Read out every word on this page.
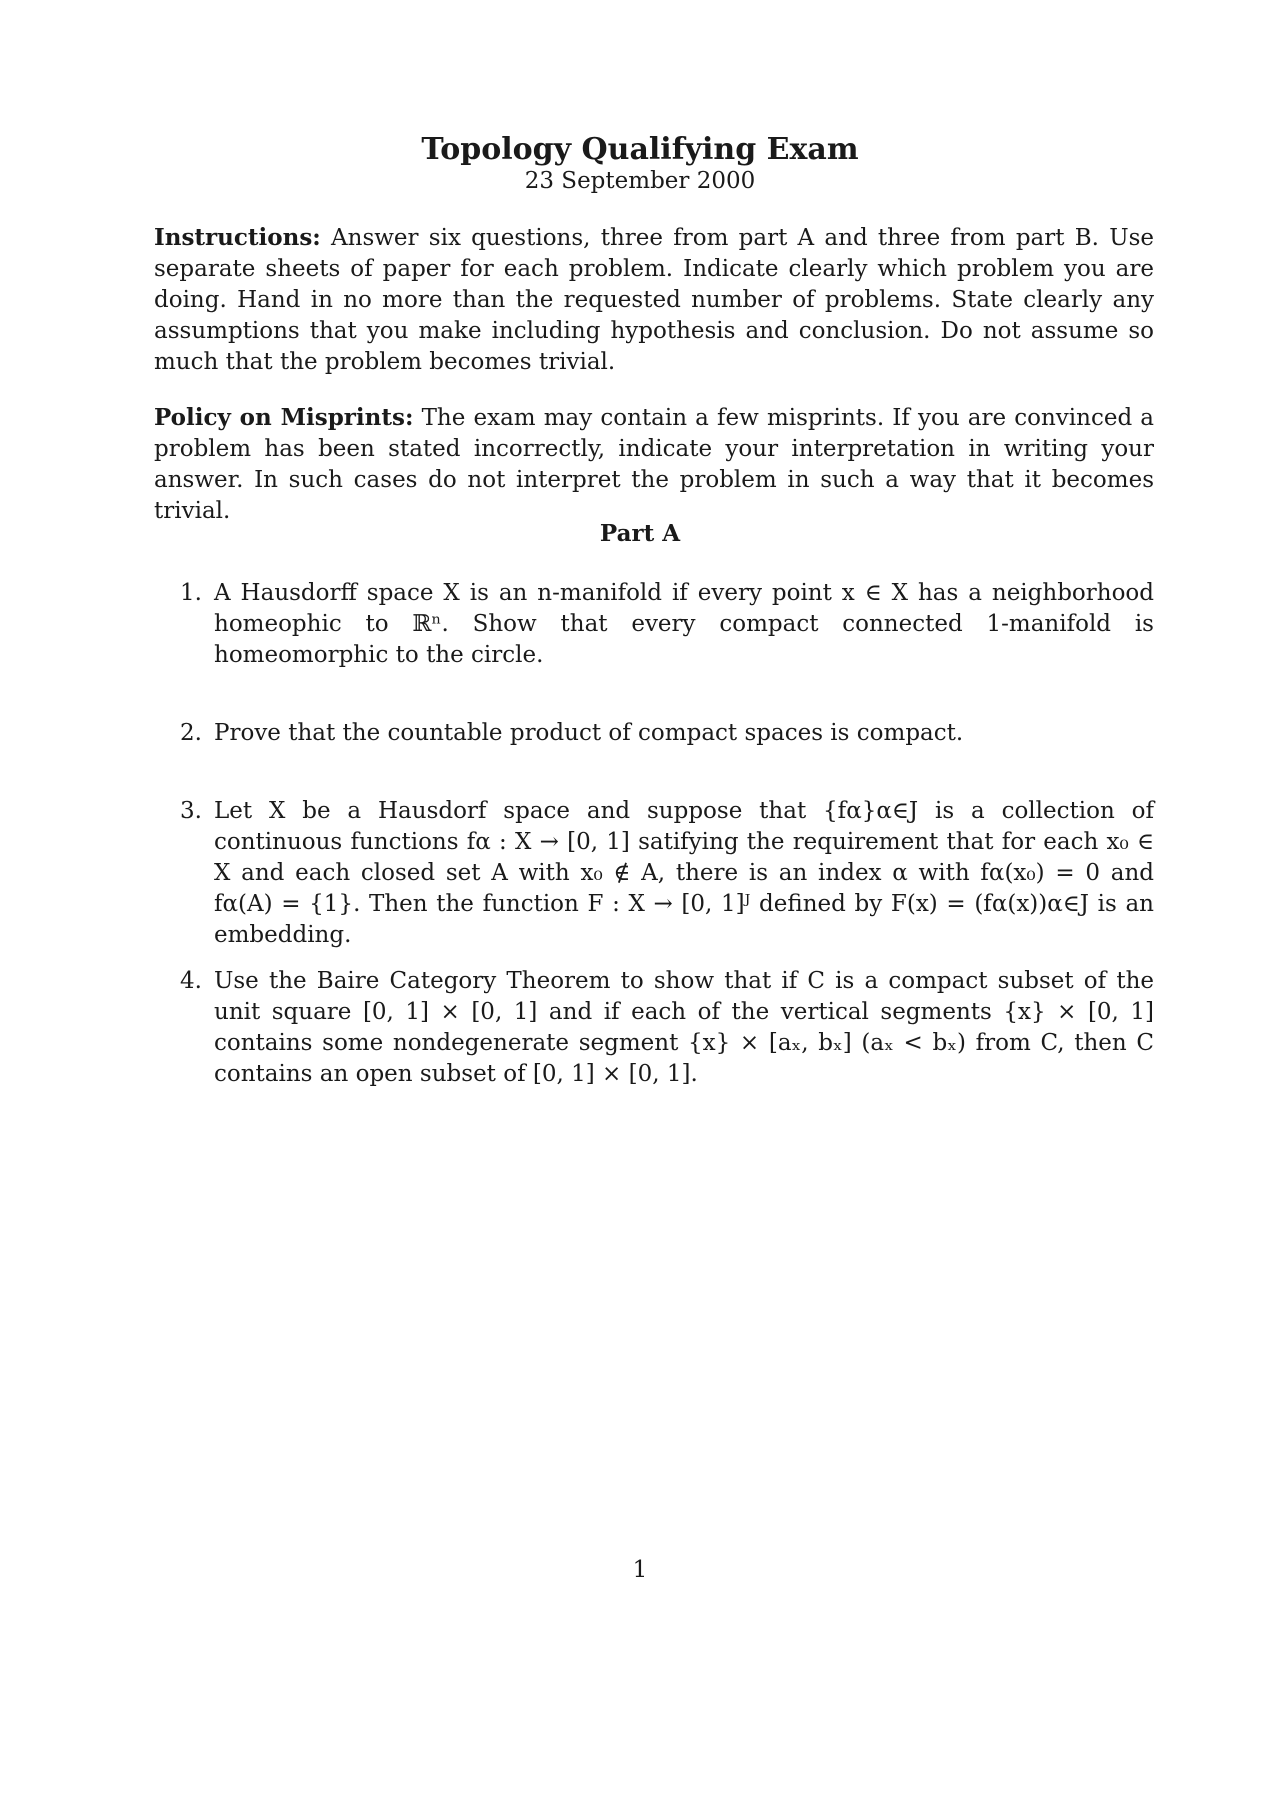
Topology Qualifying Exam
23 September 2000
Instructions: Answer six questions, three from part A and three from part B. Use separate sheets of paper for each problem. Indicate clearly which problem you are doing. Hand in no more than the requested number of problems. State clearly any assumptions that you make including hypothesis and conclusion. Do not assume so much that the problem becomes trivial.
Policy on Misprints: The exam may contain a few misprints. If you are convinced a problem has been stated incorrectly, indicate your interpretation in writing your answer. In such cases do not interpret the problem in such a way that it becomes trivial.
Part A
1. A Hausdorff space X is an n-manifold if every point x ∈ X has a neighborhood homeophic to ℝⁿ. Show that every compact connected 1-manifold is homeomorphic to the circle.
2. Prove that the countable product of compact spaces is compact.
3. Let X be a Hausdorf space and suppose that {fα}α∈J is a collection of continuous functions fα : X → [0, 1] satifying the requirement that for each x₀ ∈ X and each closed set A with x₀ ∉ A, there is an index α with fα(x₀) = 0 and fα(A) = {1}. Then the function F : X → [0, 1]ᴶ defined by F(x) = (fα(x))α∈J is an embedding.
4. Use the Baire Category Theorem to show that if C is a compact subset of the unit square [0, 1] × [0, 1] and if each of the vertical segments {x} × [0, 1] contains some nondegenerate segment {x} × [aₓ, bₓ] (aₓ < bₓ) from C, then C contains an open subset of [0, 1] × [0, 1].
1
